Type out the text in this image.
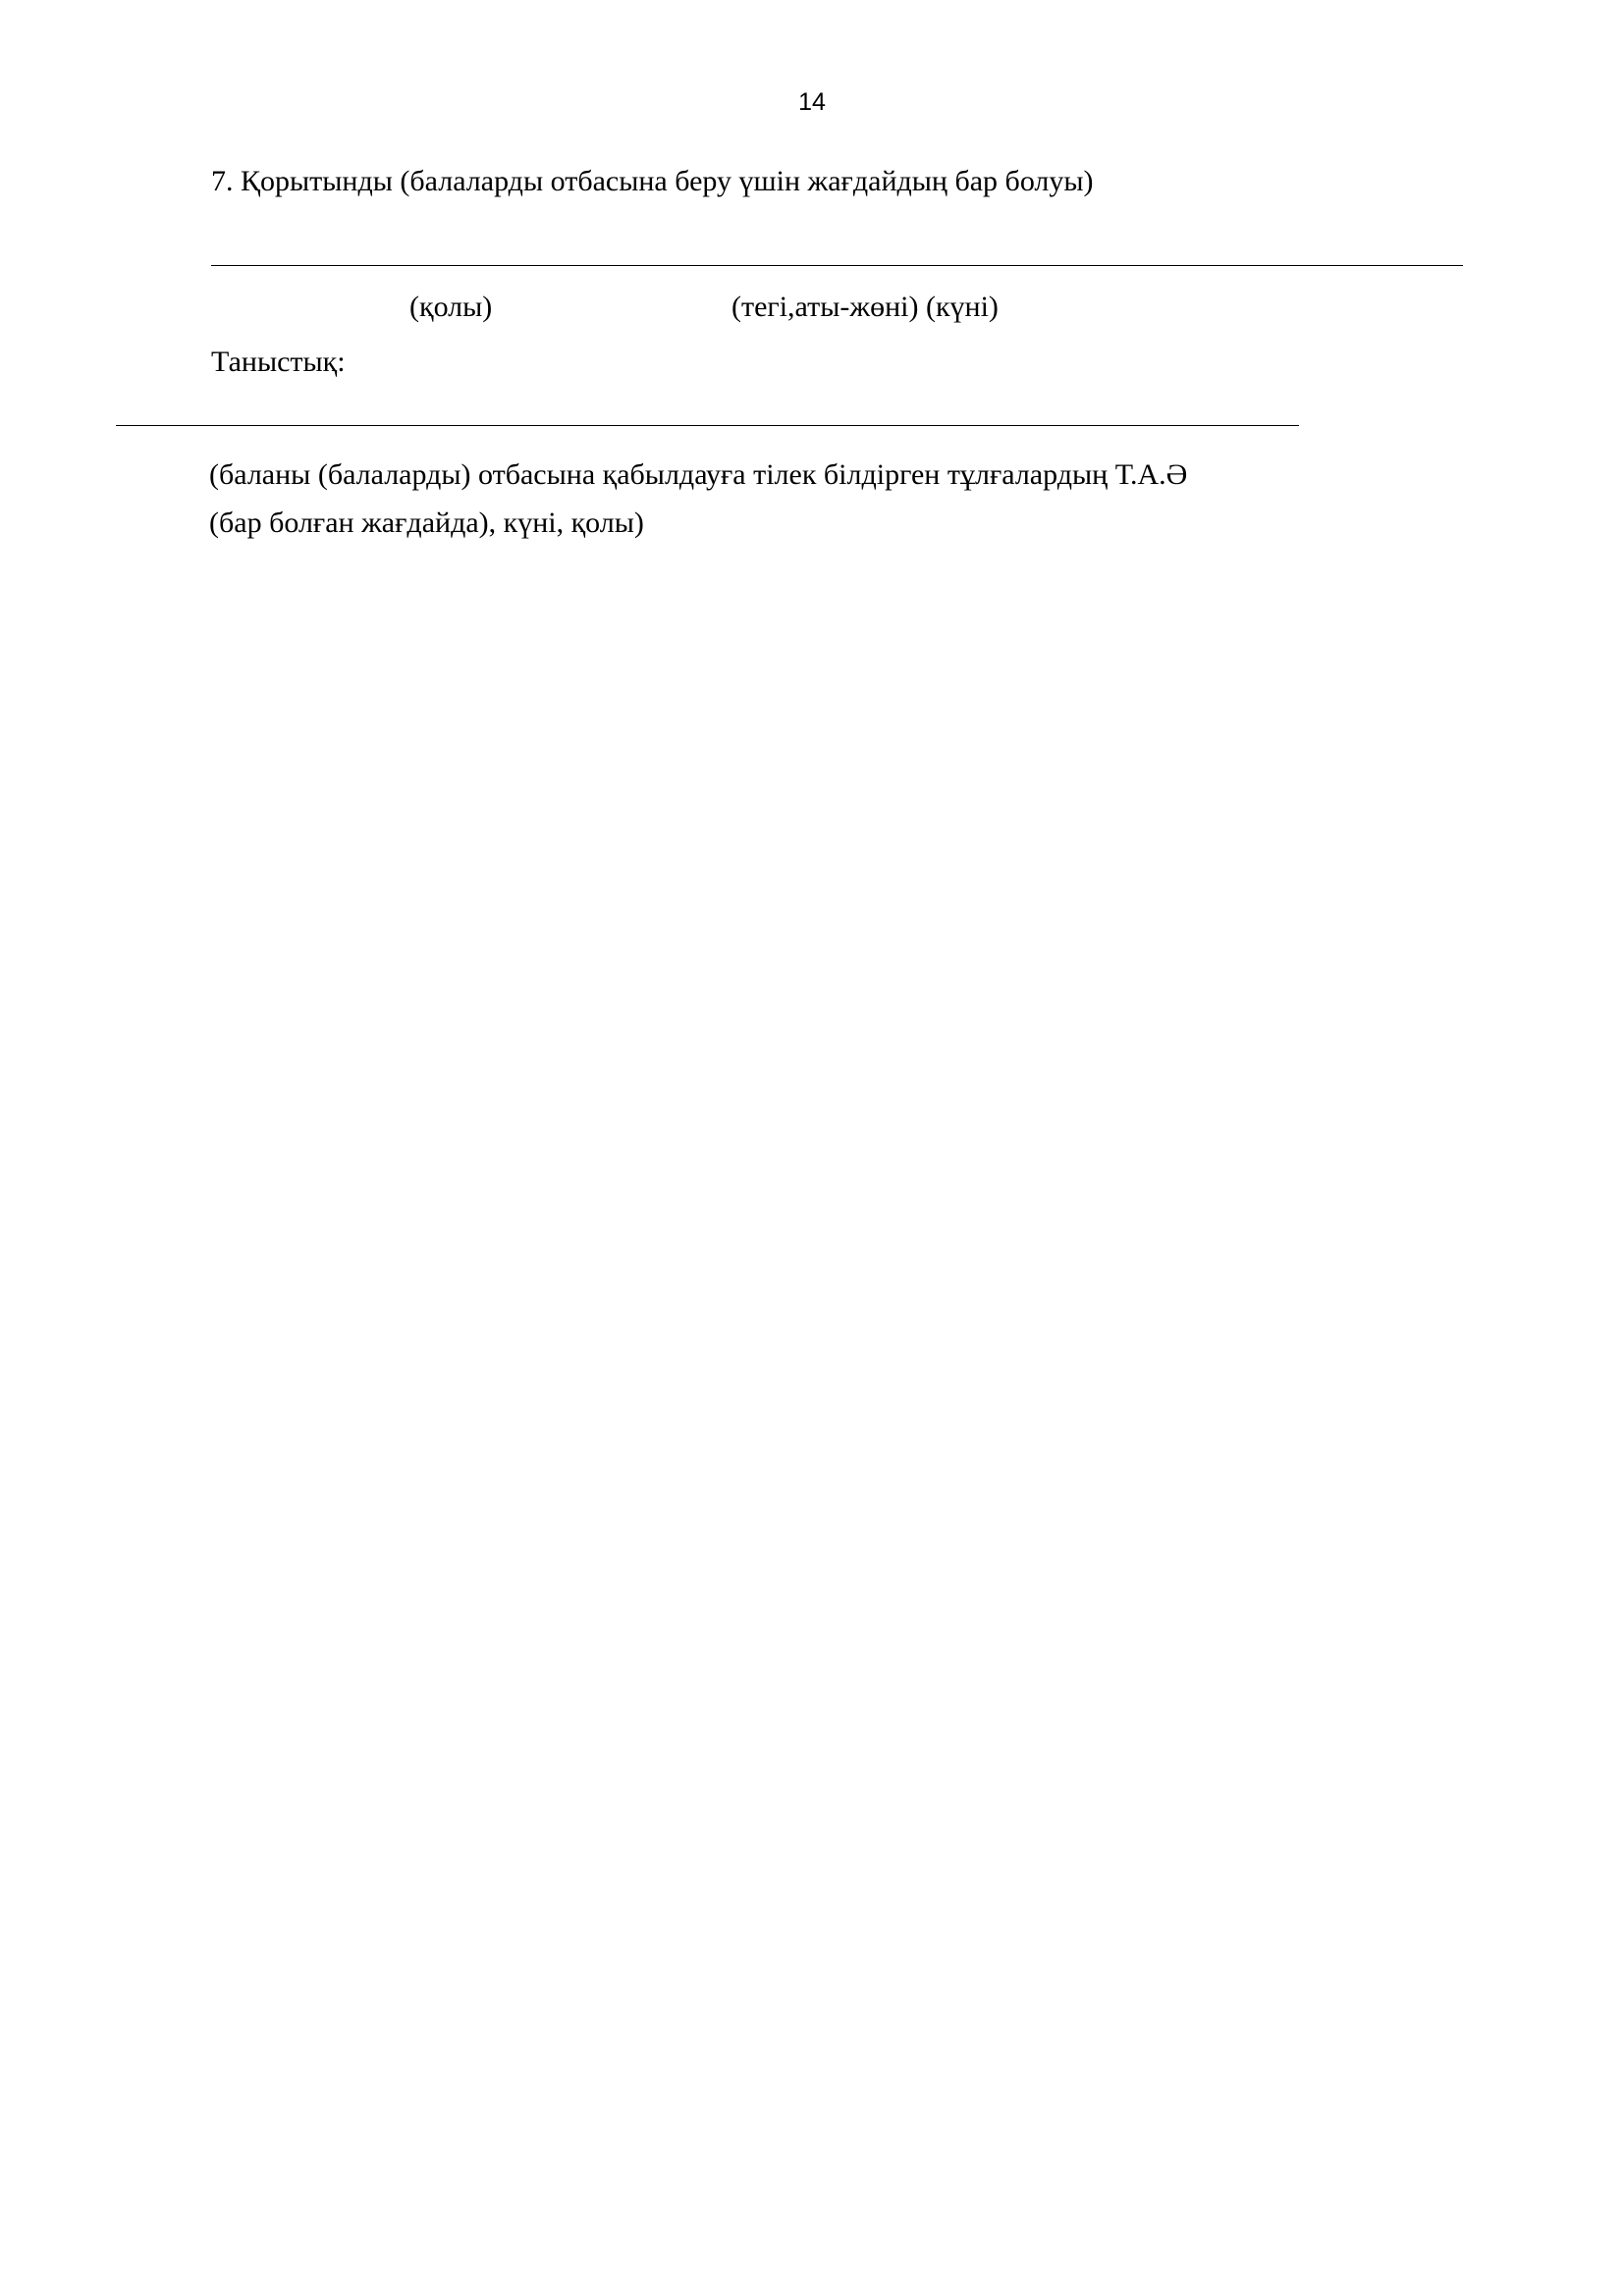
14

7. Қорытынды (балаларды отбасына беру үшін жағдайдың бар болуы)

(қолы)	(тегі,аты-жөні) (күні)
Таныстық:
(баланы (балаларды) отбасына қабылдауға тілек білдірген тұлғалардың Т.А.Ә
(бар болған жағдайда), күні, қолы)
